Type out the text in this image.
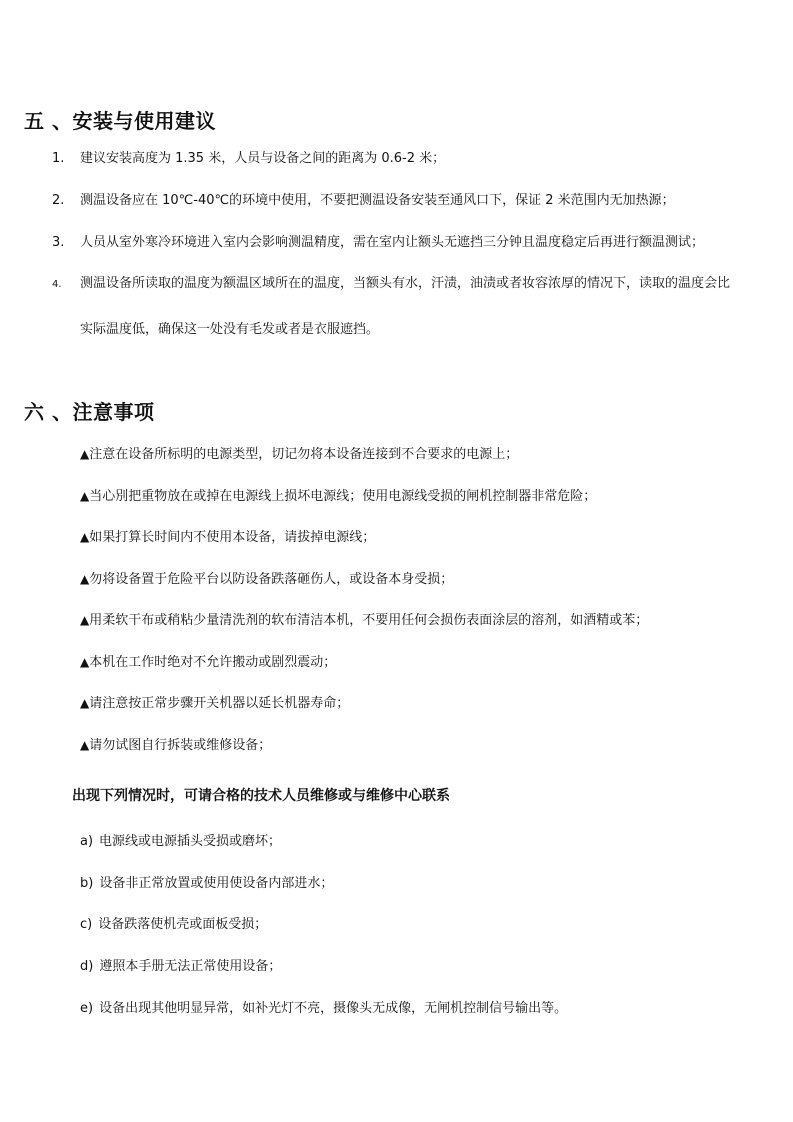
五 、安装与使用建议
1. 建议安装高度为 1.35 米，人员与设备之间的距离为 0.6-2 米；
2. 测温设备应在 10℃-40℃的环境中使用，不要把测温设备安装至通风口下，保证 2 米范围内无加热源；
3. 人员从室外寒冷环境进入室内会影响测温精度，需在室内让额头无遮挡三分钟且温度稳定后再进行额温测试；
4. 测温设备所读取的温度为额温区域所在的温度，当额头有水，汗渍，油渍或者妆容浓厚的情况下，读取的温度会比
实际温度低，确保这一处没有毛发或者是衣服遮挡。
六 、注意事项
▲注意在设备所标明的电源类型，切记勿将本设备连接到不合要求的电源上；
▲当心別把重物放在或掉在电源线上损坏电源线；使用电源线受损的闸机控制器非常危险；
▲如果打算长时间内不使用本设备，请拔掉电源线；
▲勿将设备置于危险平台以防设备跌落砸伤人，或设备本身受损；
▲用柔软干布或稍粘少量清洗剂的软布清洁本机，不要用任何会损伤表面涂层的溶剂，如酒精或苯；
▲本机在工作时绝对不允许搬动或剧烈震动；
▲请注意按正常步骤开关机器以延长机器寿命；
▲请勿试图自行拆装或维修设备；
出现下列情况时，可请合格的技术人员维修或与维修中心联系
a) 电源线或电源插头受损或磨坏；
b) 设备非正常放置或使用使设备内部进水；
c) 设备跌落使机壳或面板受损；
d) 遵照本手册无法正常使用设备；
e) 设备出现其他明显异常，如补光灯不亮，摄像头无成像，无闸机控制信号输出等。
